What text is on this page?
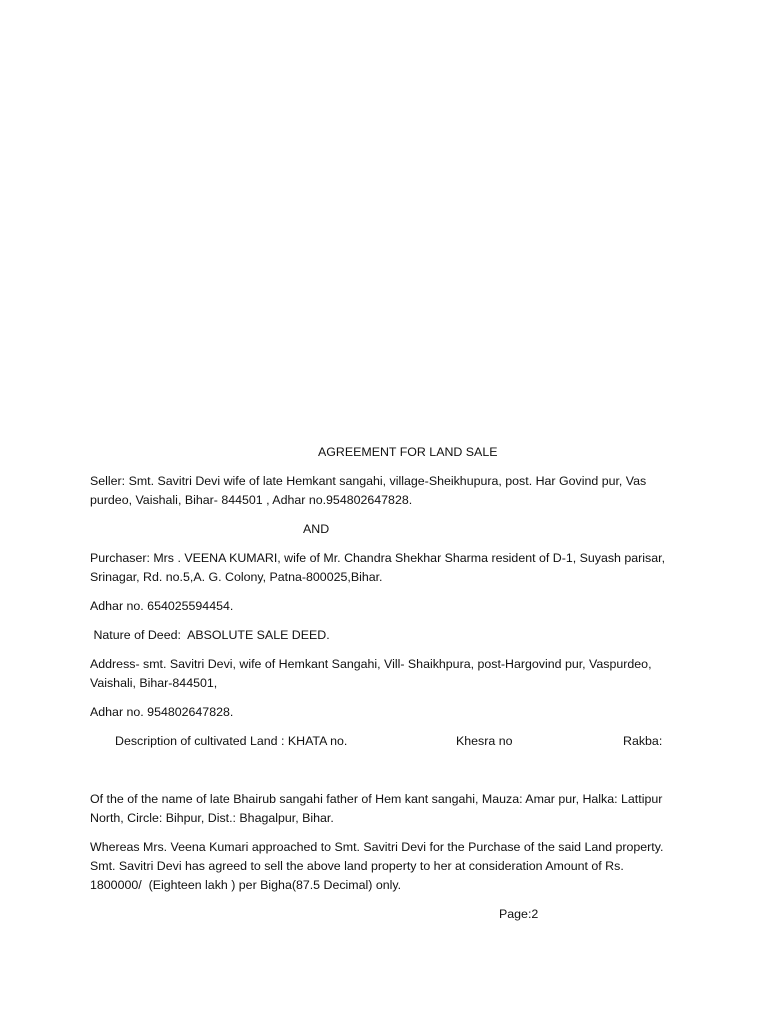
AGREEMENT FOR LAND SALE

Seller: Smt. Savitri Devi wife of late Hemkant sangahi, village-Sheikhupura, post. Har Govind pur, Vas

purdeo, Vaishali, Bihar- 844501 , Adhar no.954802647828.

AND

Purchaser: Mrs . VEENA KUMARI, wife of Mr. Chandra Shekhar Sharma resident of D-1, Suyash parisar,

Srinagar, Rd. no.5,A. G. Colony, Patna-800025,Bihar.

Adhar no. 654025594454.

Nature of Deed:  ABSOLUTE SALE DEED.

Address- smt. Savitri Devi, wife of Hemkant Sangahi, Vill- Shaikhpura, post-Hargovind pur, Vaspurdeo,

Vaishali, Bihar-844501,

Adhar no. 954802647828.

Description of cultivated Land : KHATA no.	Khesra no	Rakba:

Of the of the name of late Bhairub sangahi father of Hem kant sangahi, Mauza: Amar pur, Halka: Lattipur

North, Circle: Bihpur, Dist.: Bhagalpur, Bihar.

Whereas Mrs. Veena Kumari approached to Smt. Savitri Devi for the Purchase of the said Land property.

Smt. Savitri Devi has agreed to sell the above land property to her at consideration Amount of Rs.

1800000/  (Eighteen lakh ) per Bigha(87.5 Decimal) only.

Page:2
